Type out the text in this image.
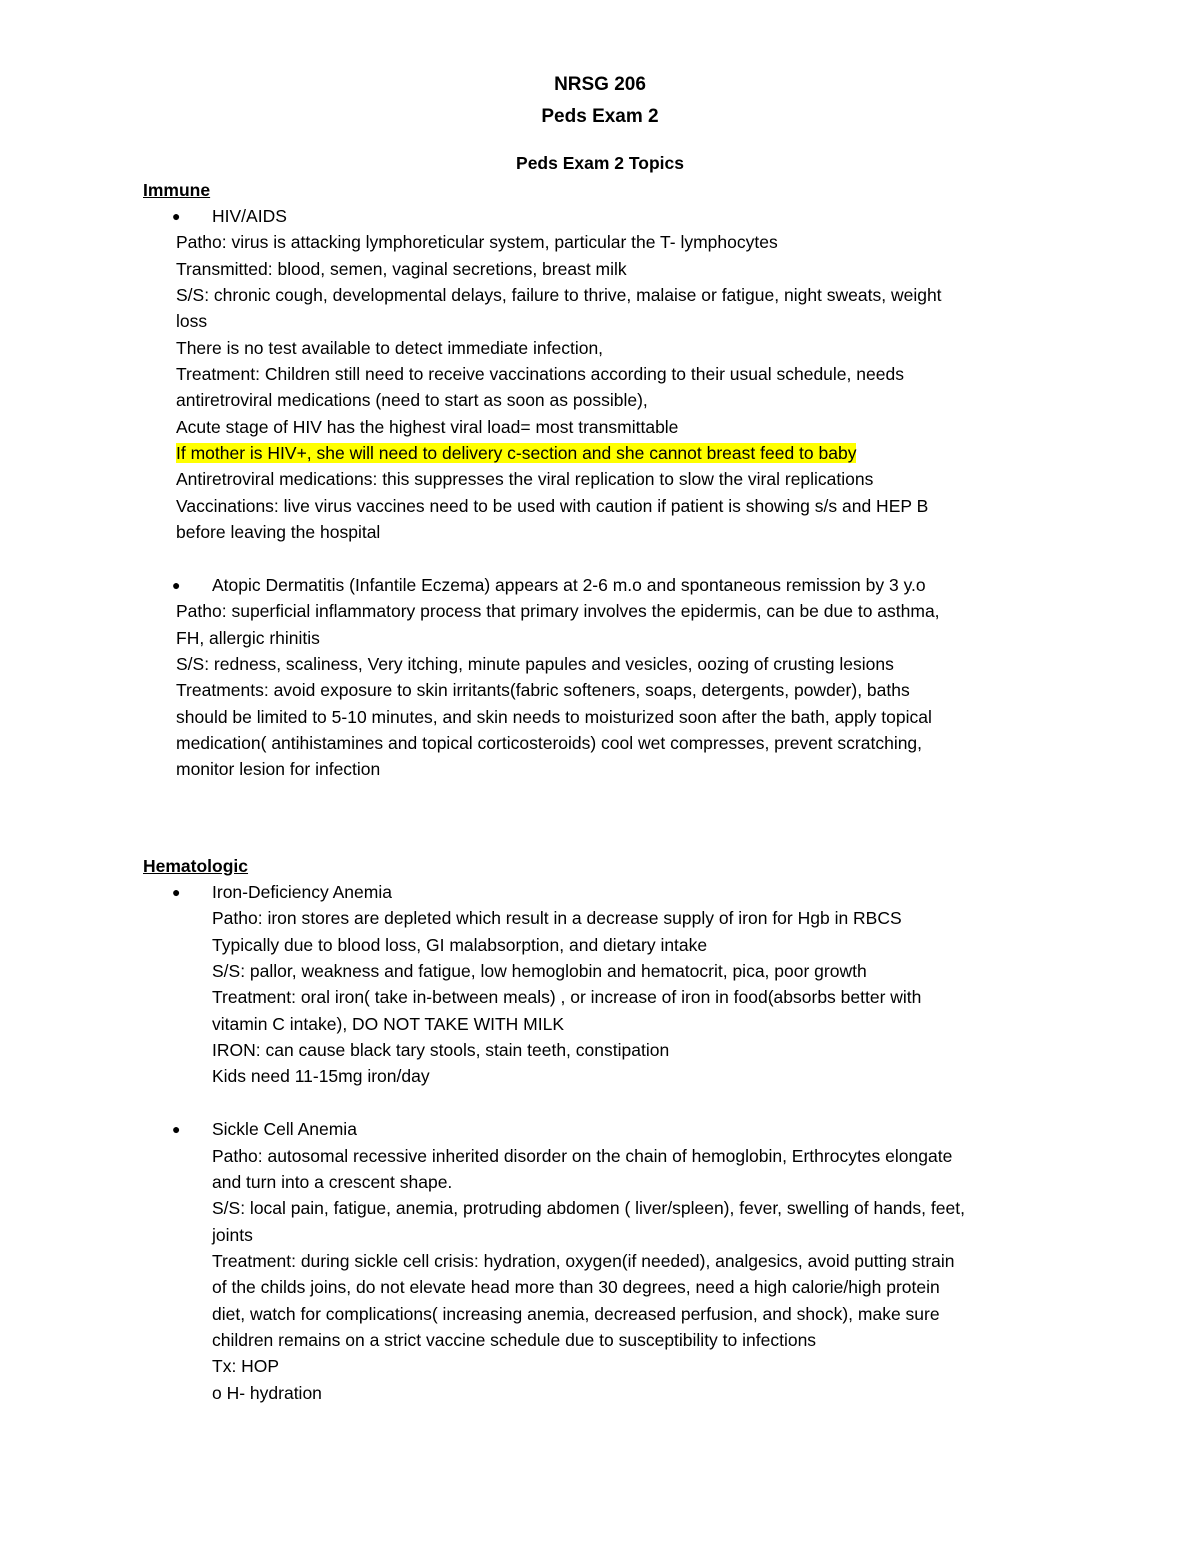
NRSG 206
Peds Exam 2
Peds Exam 2 Topics
Immune
● HIV/AIDS
Patho: virus is attacking lymphoreticular system, particular the T- lymphocytes
Transmitted: blood, semen, vaginal secretions, breast milk
S/S: chronic cough, developmental delays, failure to thrive, malaise or fatigue, night sweats, weight
loss
There is no test available to detect immediate infection,
Treatment: Children still need to receive vaccinations according to their usual schedule, needs
antiretroviral medications (need to start as soon as possible),
Acute stage of HIV has the highest viral load= most transmittable
If mother is HIV+, she will need to delivery c-section and she cannot breast feed to baby
Antiretroviral medications: this suppresses the viral replication to slow the viral replications
Vaccinations: live virus vaccines need to be used with caution if patient is showing s/s and HEP B
before leaving the hospital
● Atopic Dermatitis (Infantile Eczema) appears at 2-6 m.o and spontaneous remission by 3 y.o
Patho: superficial inflammatory process that primary involves the epidermis, can be due to asthma,
FH, allergic rhinitis
S/S: redness, scaliness, Very itching, minute papules and vesicles, oozing of crusting lesions
Treatments: avoid exposure to skin irritants(fabric softeners, soaps, detergents, powder), baths
should be limited to 5-10 minutes, and skin needs to moisturized soon after the bath, apply topical
medication( antihistamines and topical corticosteroids) cool wet compresses, prevent scratching,
monitor lesion for infection
Hematologic
● Iron-Deficiency Anemia
Patho: iron stores are depleted which result in a decrease supply of iron for Hgb in RBCS
Typically due to blood loss, GI malabsorption, and dietary intake
S/S: pallor, weakness and fatigue, low hemoglobin and hematocrit, pica, poor growth
Treatment: oral iron( take in-between meals) , or increase of iron in food(absorbs better with
vitamin C intake), DO NOT TAKE WITH MILK
IRON: can cause black tary stools, stain teeth, constipation
Kids need 11-15mg iron/day
● Sickle Cell Anemia
Patho: autosomal recessive inherited disorder on the chain of hemoglobin, Erthrocytes elongate
and turn into a crescent shape.
S/S: local pain, fatigue, anemia, protruding abdomen ( liver/spleen), fever, swelling of hands, feet,
joints
Treatment: during sickle cell crisis: hydration, oxygen(if needed), analgesics, avoid putting strain
of the childs joins, do not elevate head more than 30 degrees, need a high calorie/high protein
diet, watch for complications( increasing anemia, decreased perfusion, and shock), make sure
children remains on a strict vaccine schedule due to susceptibility to infections
Tx: HOP
o H- hydration
